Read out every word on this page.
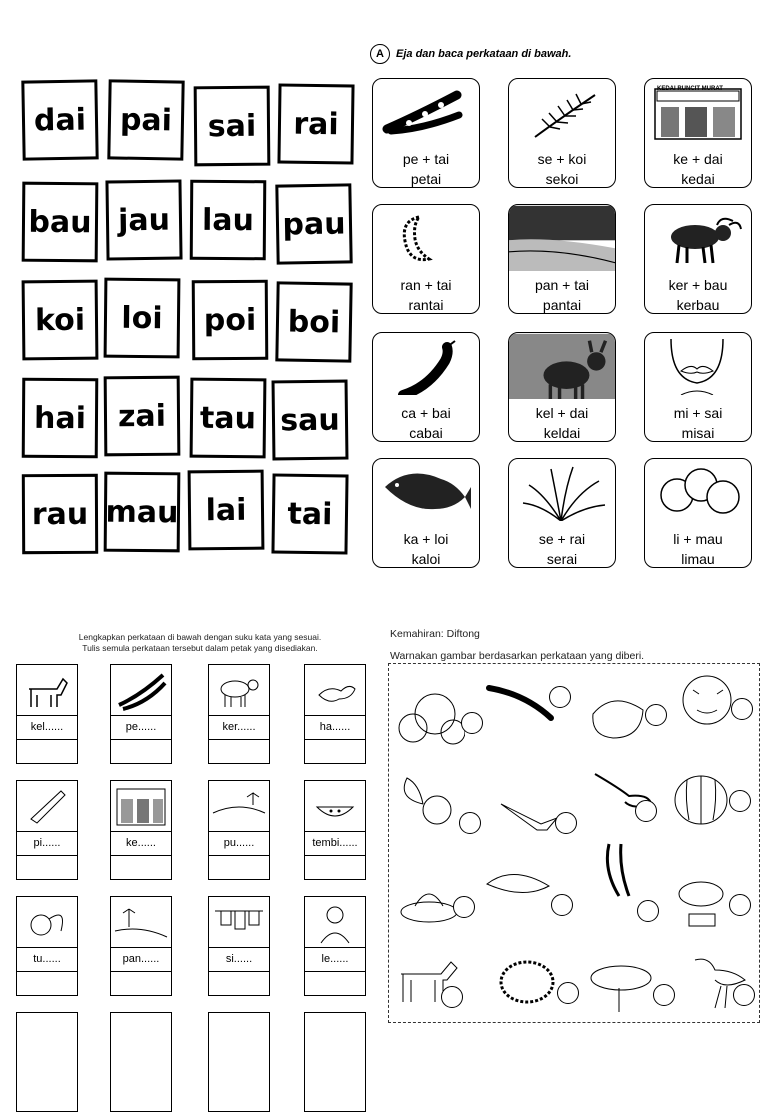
dai	pai	sai	rai
bau jau	lau pau
koi	loi	poi	boi
hai	zai	tau sau
rau mau lai	tai
A	Eja dan baca perkataan di bawah.
pe + tai
petai
se + koi
sekoi
KEDAI RUNCIT MURAT
ke + dai
kedai
ran + tai
rantai
pan + tai
pantai
ker + bau
kerbau
ca + bai
cabai
kel + dai
keldai
mi + sai
misai
ka + loi
kaloi
se + rai
serai
li + mau
limau
Lengkapkan perkataan di bawah dengan suku kata yang sesuai.
Tulis semula perkataan tersebut dalam petak yang disediakan.
kel......	pe......	ker......	ha......
pi......	ke......	pu......	tembi......
tu......	pan......	si......	le......
Kemahiran: Diftong
Warnakan gambar berdasarkan perkataan yang diberi.
